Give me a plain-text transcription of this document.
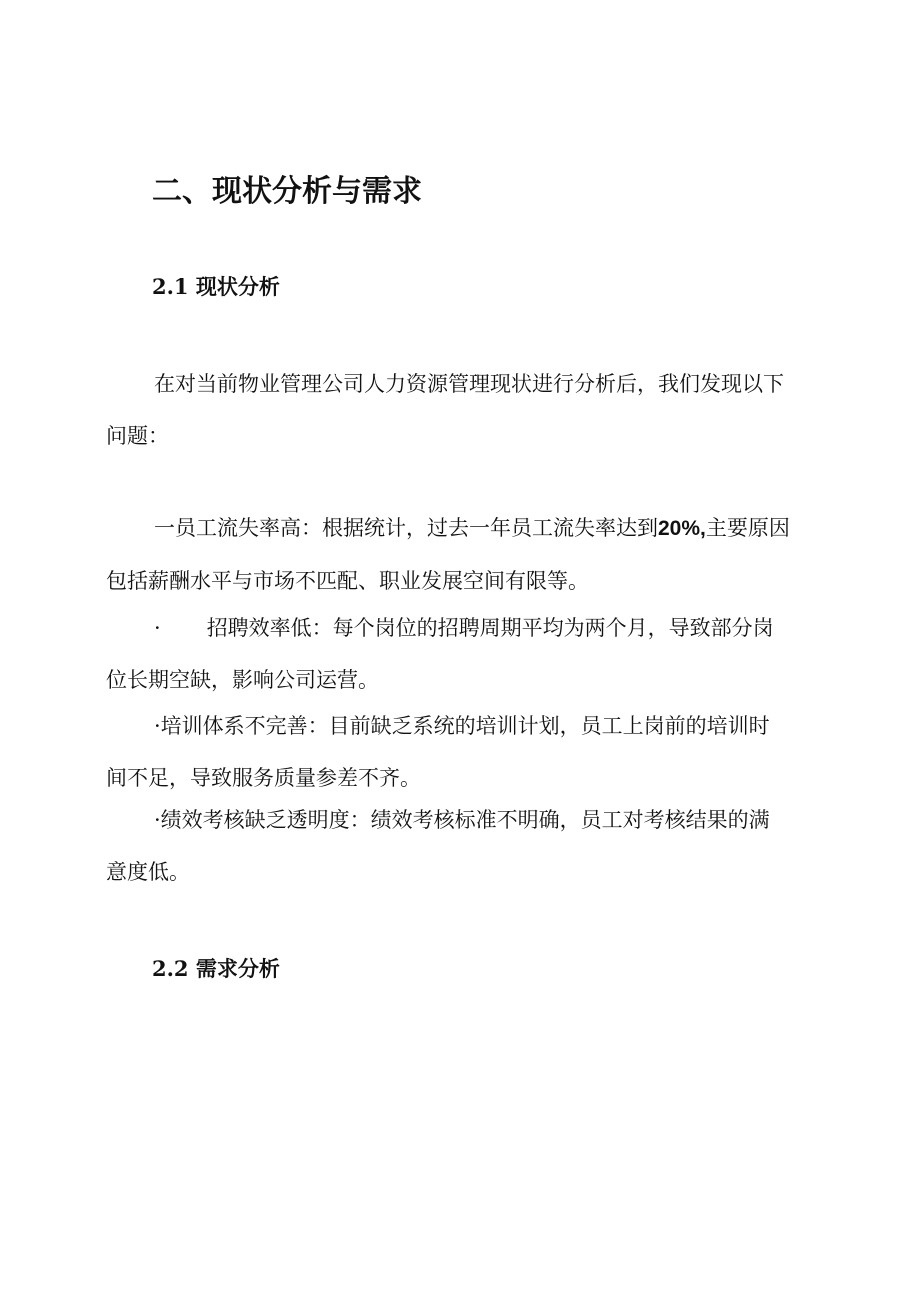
二、现状分析与需求
2.1 现状分析

在对当前物业管理公司人力资源管理现状进行分析后，我们发现以下
问题：

一员工流失率高：根据统计，过去一年员工流失率达到20%,主要原因
包括薪酬水平与市场不匹配、职业发展空间有限等。

· 招聘效率低：每个岗位的招聘周期平均为两个月，导致部分岗
位长期空缺，影响公司运营。

·培训体系不完善：目前缺乏系统的培训计划，员工上岗前的培训时
间不足，导致服务质量参差不齐。

·绩效考核缺乏透明度：绩效考核标准不明确，员工对考核结果的满
意度低。

2.2 需求分析
